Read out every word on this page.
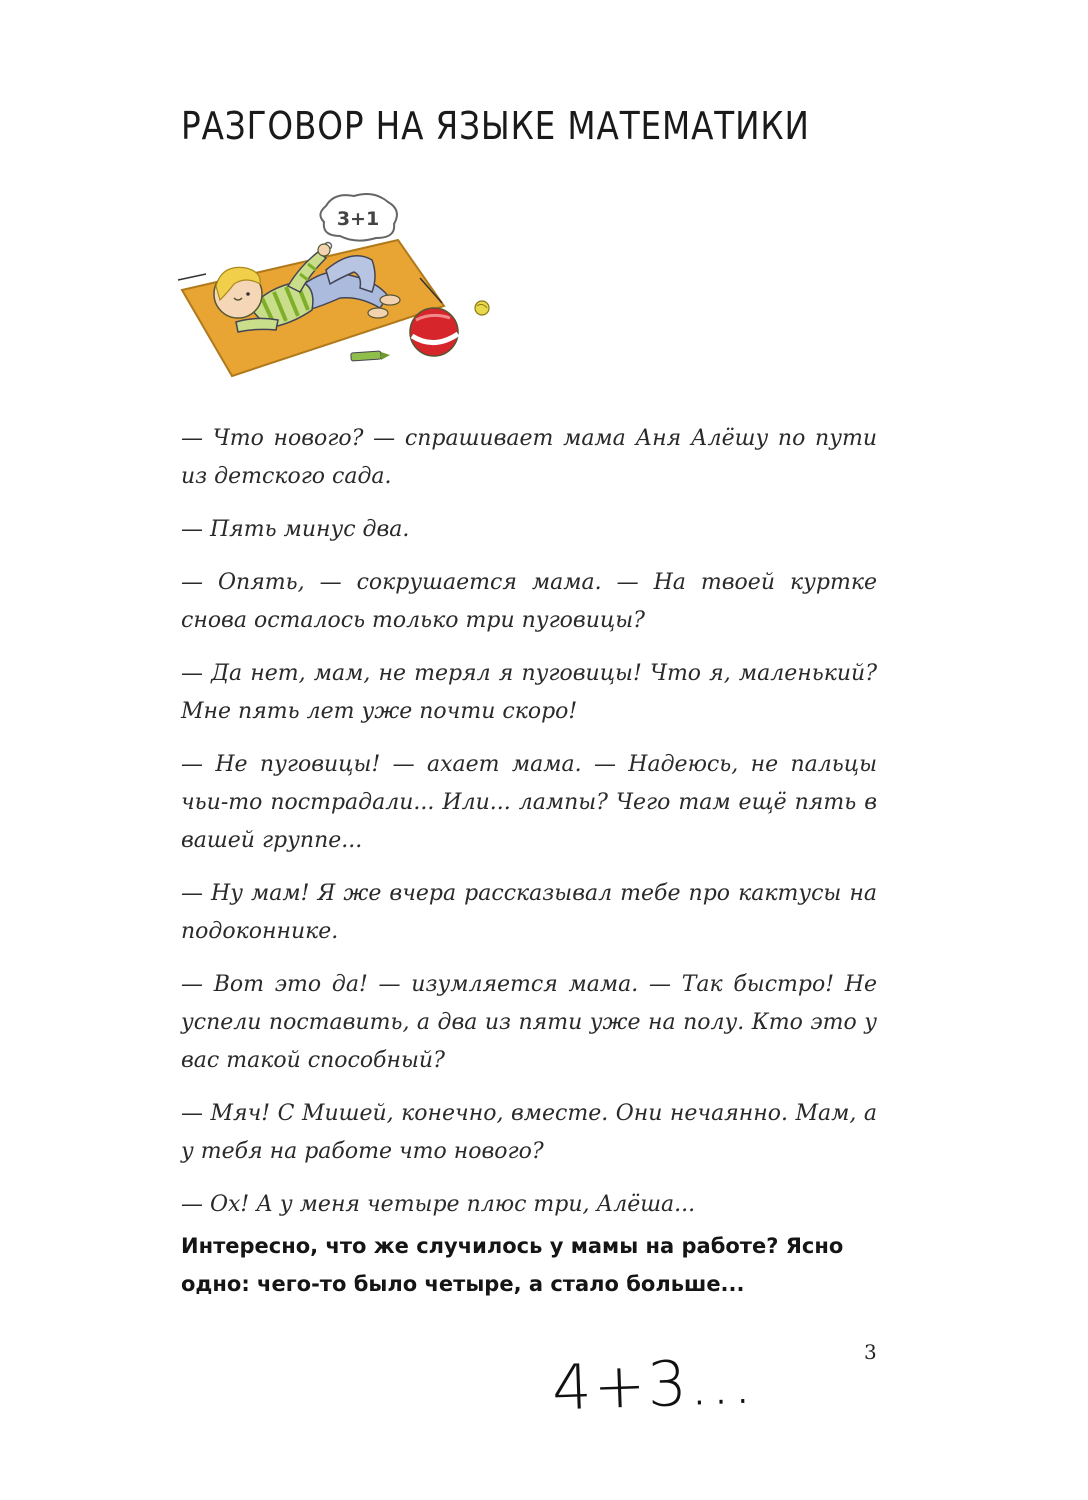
РАЗГОВОР НА ЯЗЫКЕ МАТЕМАТИКИ
3+1

— Что нового? — спрашивает мама Аня Алёшу по пути из детского сада.

— Пять минус два.

— Опять, — сокрушается мама. — На твоей куртке снова осталось только три пуговицы?

— Да нет, мам, не терял я пуговицы! Что я, маленький? Мне пять лет уже почти скоро!

— Не пуговицы! — ахает мама. — Надеюсь, не пальцы чьи-то пострадали... Или... лампы? Чего там ещё пять в вашей группе...

— Ну мам! Я же вчера рассказывал тебе про кактусы на подоконнике.

— Вот это да! — изумляется мама. — Так быстро! Не успели поставить, а два из пяти уже на полу. Кто это у вас такой способный?

— Мяч! С Мишей, конечно, вместе. Они нечаянно. Мам, а у тебя на работе что нового?

— Ох! А у меня четыре плюс три, Алёша...

Интересно, что же случилось у мамы на работе? Ясно одно: чего-то было четыре, а стало больше...

3
4+3...
